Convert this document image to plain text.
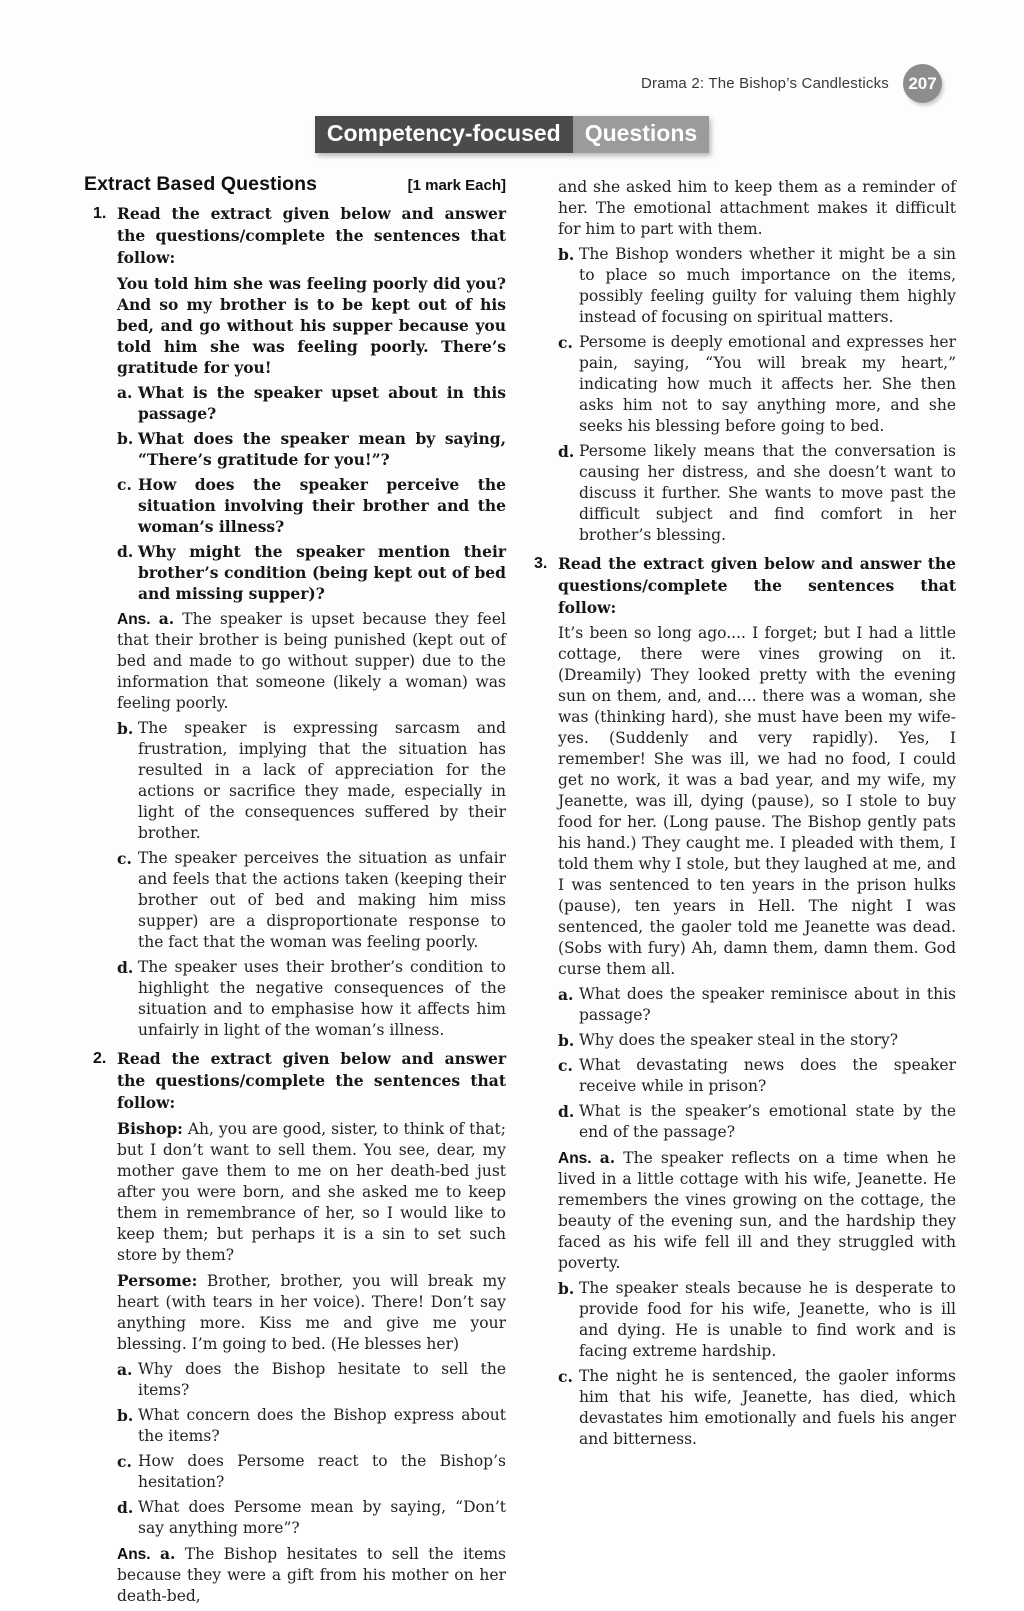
Drama 2: The Bishop’s Candlesticks	207
Competency-focused	Questions
Extract Based Questions	[1 mark Each]
1. Read the extract given below and answer the questions/complete the sentences that follow:

You told him she was feeling poorly did you? And so my brother is to be kept out of his bed, and go without his supper because you told him she was feeling poorly. There’s gratitude for you!

a. What is the speaker upset about in this passage?
b. What does the speaker mean by saying, “There’s gratitude for you!”?
c. How does the speaker perceive the situation involving their brother and the woman’s illness?
d. Why might the speaker mention their brother’s condition (being kept out of bed and missing supper)?

Ans. a. The speaker is upset because they feel that their brother is being punished (kept out of bed and made to go without supper) due to the information that someone (likely a woman) was feeling poorly.

b. The speaker is expressing sarcasm and frustration, implying that the situation has resulted in a lack of appreciation for the actions or sacrifice they made, especially in light of the consequences suffered by their brother.
c. The speaker perceives the situation as unfair and feels that the actions taken (keeping their brother out of bed and making him miss supper) are a disproportionate response to the fact that the woman was feeling poorly.
d. The speaker uses their brother’s condition to highlight the negative consequences of the situation and to emphasise how it affects him unfairly in light of the woman’s illness.
2. Read the extract given below and answer the questions/complete the sentences that follow:

Bishop: Ah, you are good, sister, to think of that; but I don’t want to sell them. You see, dear, my mother gave them to me on her death-bed just after you were born, and she asked me to keep them in remembrance of her, so I would like to keep them; but perhaps it is a sin to set such store by them?

Persome: Brother, brother, you will break my heart (with tears in her voice). There! Don’t say anything more. Kiss me and give me your blessing. I’m going to bed. (He blesses her)

a. Why does the Bishop hesitate to sell the items?
b. What concern does the Bishop express about the items?
c. How does Persome react to the Bishop’s hesitation?
d. What does Persome mean by saying, “Don’t say anything more”?

Ans. a. The Bishop hesitates to sell the items because they were a gift from his mother on her death-bed,

and she asked him to keep them as a reminder of her. The emotional attachment makes it difficult for him to part with them.

b. The Bishop wonders whether it might be a sin to place so much importance on the items, possibly feeling guilty for valuing them highly instead of focusing on spiritual matters.
c. Persome is deeply emotional and expresses her pain, saying, “You will break my heart,” indicating how much it affects her. She then asks him not to say anything more, and she seeks his blessing before going to bed.
d. Persome likely means that the conversation is causing her distress, and she doesn’t want to discuss it further. She wants to move past the difficult subject and find comfort in her brother’s blessing.
3. Read the extract given below and answer the questions/complete the sentences that follow:

It’s been so long ago.... I forget; but I had a little cottage, there were vines growing on it. (Dreamily) They looked pretty with the evening sun on them, and, and.... there was a woman, she was (thinking hard), she must have been my wife-yes. (Suddenly and very rapidly). Yes, I remember! She was ill, we had no food, I could get no work, it was a bad year, and my wife, my Jeanette, was ill, dying (pause), so I stole to buy food for her. (Long pause. The Bishop gently pats his hand.) They caught me. I pleaded with them, I told them why I stole, but they laughed at me, and I was sentenced to ten years in the prison hulks (pause), ten years in Hell. The night I was sentenced, the gaoler told me Jeanette was dead. (Sobs with fury) Ah, damn them, damn them. God curse them all.

a. What does the speaker reminisce about in this passage?
b. Why does the speaker steal in the story?
c. What devastating news does the speaker receive while in prison?
d. What is the speaker’s emotional state by the end of the passage?

Ans. a. The speaker reflects on a time when he lived in a little cottage with his wife, Jeanette. He remembers the vines growing on the cottage, the beauty of the evening sun, and the hardship they faced as his wife fell ill and they struggled with poverty.

b. The speaker steals because he is desperate to provide food for his wife, Jeanette, who is ill and dying. He is unable to find work and is facing extreme hardship.
c. The night he is sentenced, the gaoler informs him that his wife, Jeanette, has died, which devastates him emotionally and fuels his anger and bitterness.
